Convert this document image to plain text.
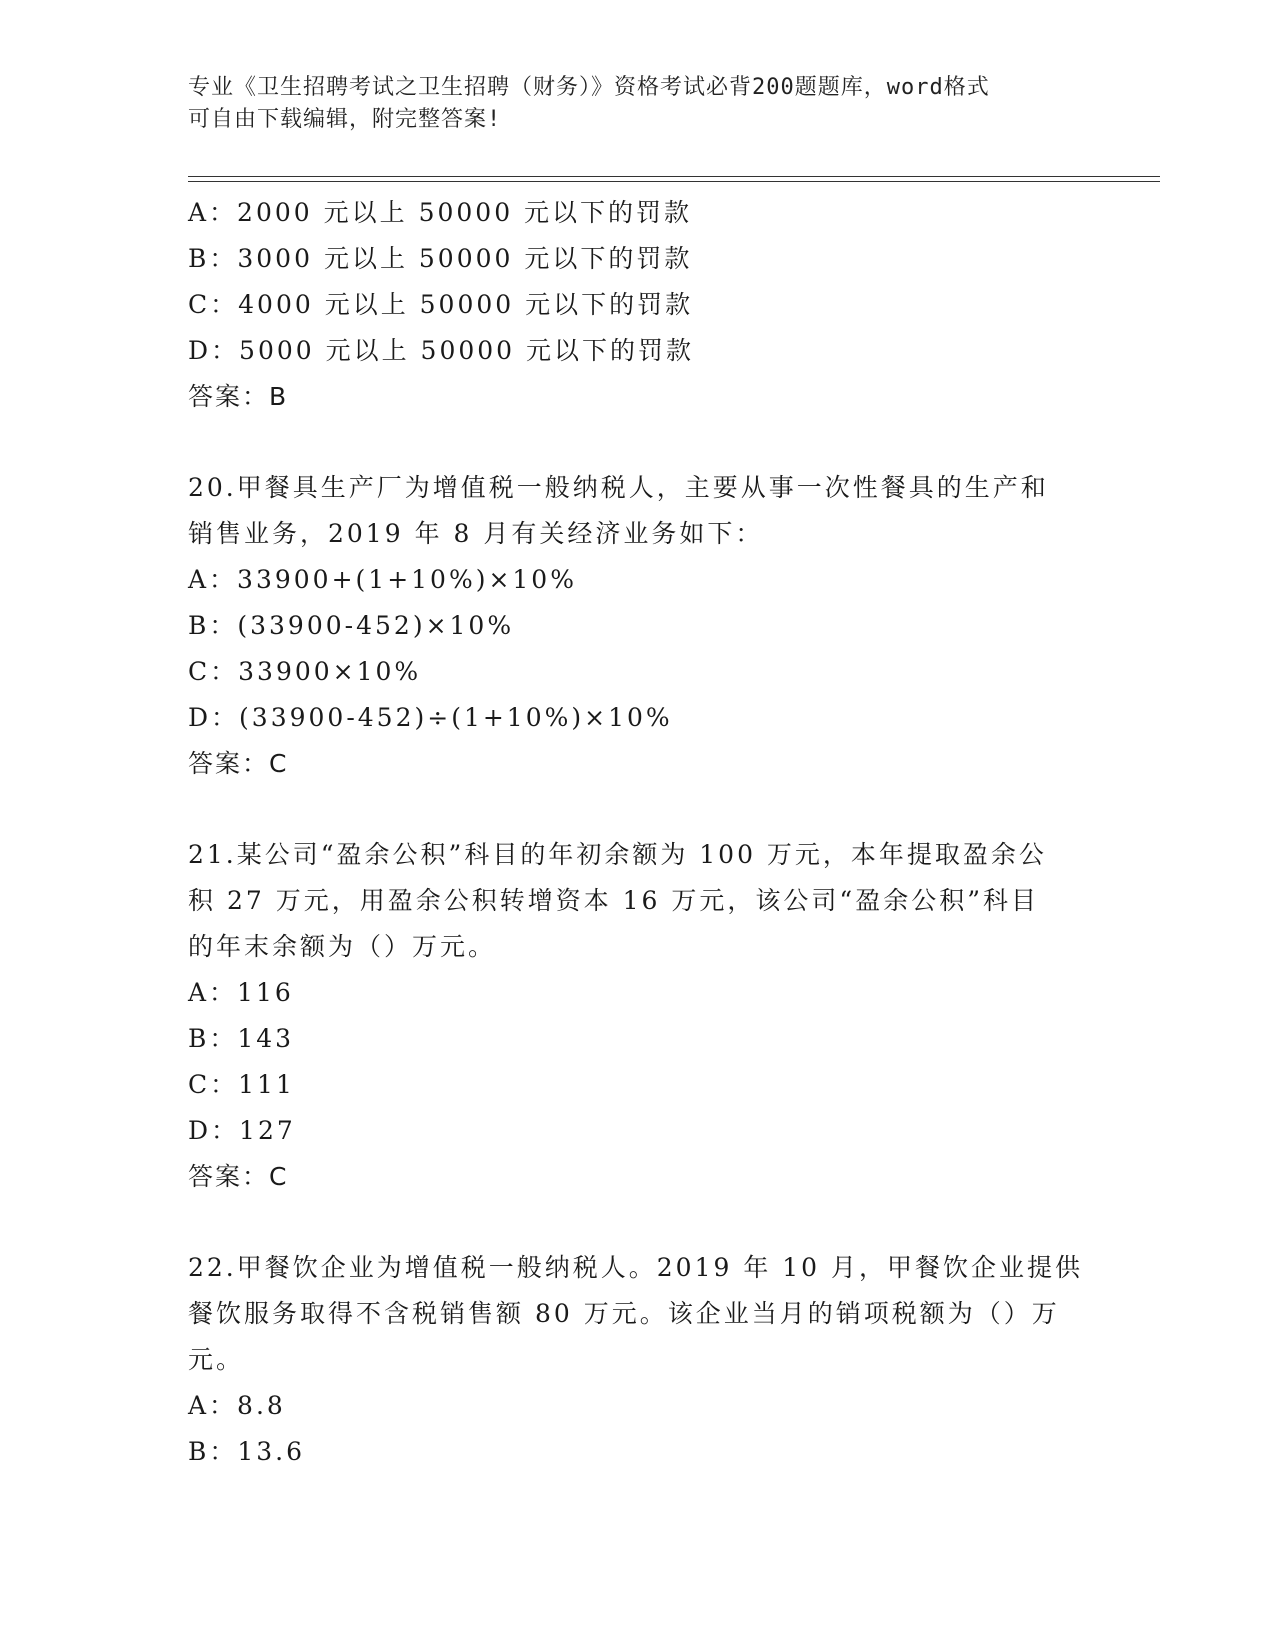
专业《卫生招聘考试之卫生招聘（财务）》资格考试必背200题题库，word格式
可自由下载编辑，附完整答案!
A：2000 元以上 50000 元以下的罚款
B：3000 元以上 50000 元以下的罚款
C：4000 元以上 50000 元以下的罚款
D：5000 元以上 50000 元以下的罚款
答案：B
20.甲餐具生产厂为增值税一般纳税人，主要从事一次性餐具的生产和
销售业务，2019 年 8 月有关经济业务如下：
A：33900+(1+10%)×10%
B：(33900-452)×10%
C：33900×10%
D：(33900-452)÷(1+10%)×10%
答案：C
21.某公司“盈余公积”科目的年初余额为 100 万元，本年提取盈余公
积 27 万元，用盈余公积转增资本 16 万元，该公司“盈余公积”科目
的年末余额为（）万元。
A：116
B：143
C：111
D：127
答案：C
22.甲餐饮企业为增值税一般纳税人。2019 年 10 月，甲餐饮企业提供
餐饮服务取得不含税销售额 80 万元。该企业当月的销项税额为（）万
元。
A：8.8
B：13.6
